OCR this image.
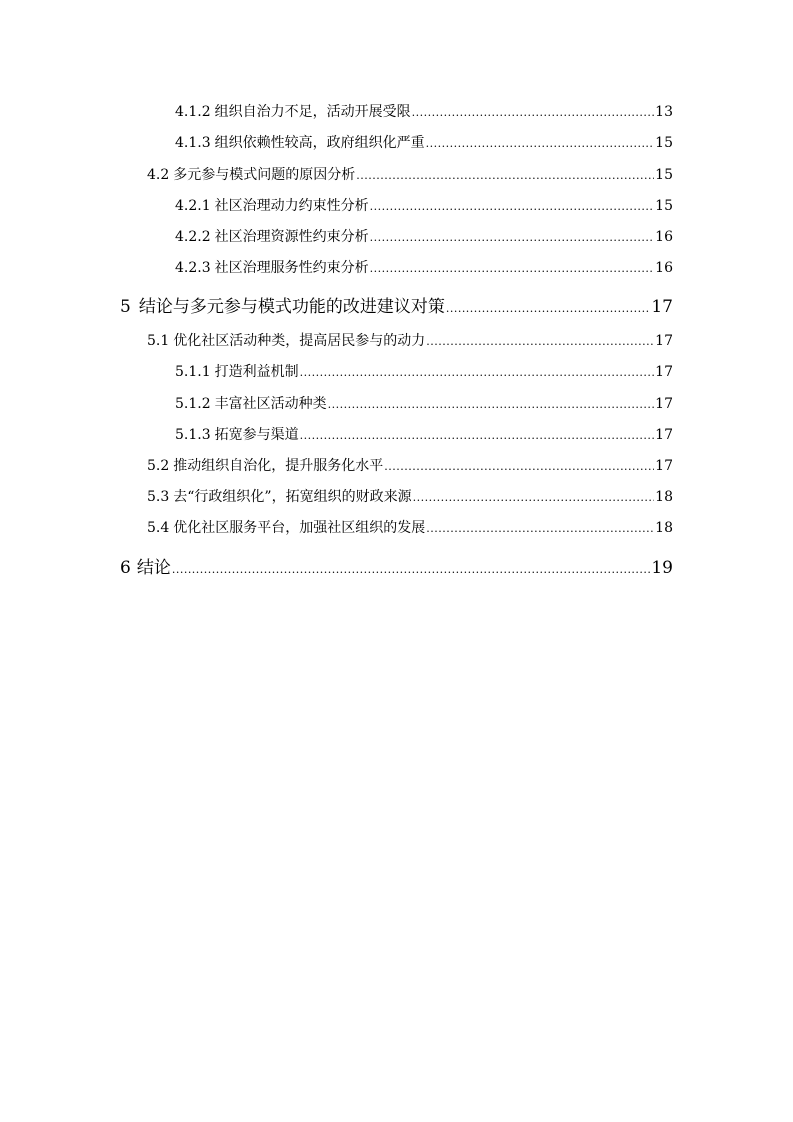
4.1.2 组织自治力不足，活动开展受限 .....	13
4.1.3 组织依赖性较高，政府组织化严重 .....	15
4.2 多元参与模式问题的原因分析 .....	15
4.2.1 社区治理动力约束性分析 .....	15
4.2.2 社区治理资源性约束分析 .....	16
4.2.3 社区治理服务性约束分析 .....	16
5 结论与多元参与模式功能的改进建议对策 .....	17
5.1 优化社区活动种类，提高居民参与的动力 .....	17
5.1.1 打造利益机制 .....	17
5.1.2 丰富社区活动种类 .....	17
5.1.3 拓宽参与渠道 .....	17
5.2 推动组织自治化，提升服务化水平 .....	17
5.3 去“行政组织化”，拓宽组织的财政来源 .....	18
5.4 优化社区服务平台，加强社区组织的发展 .....	18
6 结论 .....	19
